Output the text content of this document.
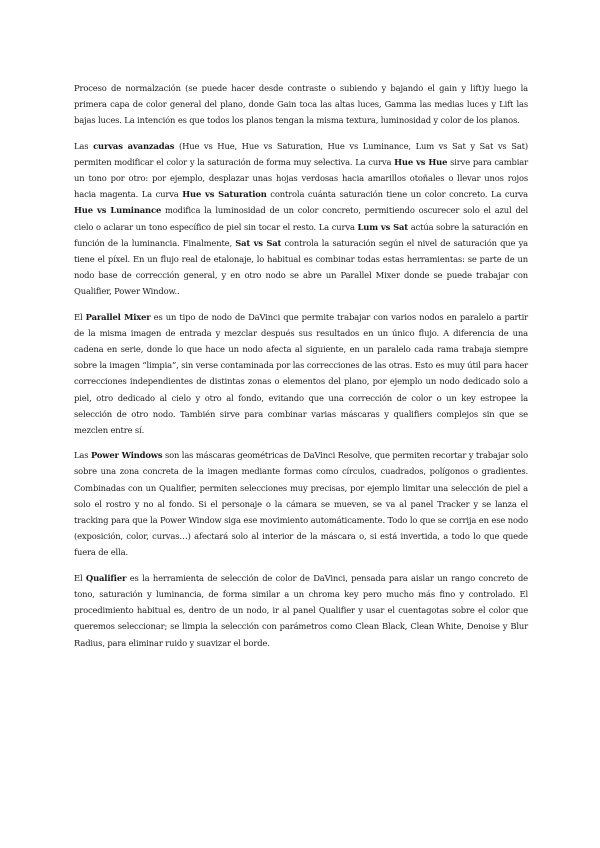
Proceso de normalzación (se puede hacer desde contraste o subiendo y bajando el gain y lift)y luego la primera capa de color general del plano, donde Gain toca las altas luces, Gamma las medias luces y Lift las bajas luces. La intención es que todos los planos tengan la misma textura, luminosidad y color de los planos.

Las curvas avanzadas (Hue vs Hue, Hue vs Saturation, Hue vs Luminance, Lum vs Sat y Sat vs Sat) permiten modificar el color y la saturación de forma muy selectiva. La curva Hue vs Hue sirve para cambiar un tono por otro: por ejemplo, desplazar unas hojas verdosas hacia amarillos otoñales o llevar unos rojos hacia magenta. La curva Hue vs Saturation controla cuánta saturación tiene un color concreto. La curva Hue vs Luminance modifica la luminosidad de un color concreto, permitiendo oscurecer solo el azul del cielo o aclarar un tono específico de piel sin tocar el resto. La curva Lum vs Sat actúa sobre la saturación en función de la luminancia. Finalmente, Sat vs Sat controla la saturación según el nivel de saturación que ya tiene el píxel. En un flujo real de etalonaje, lo habitual es combinar todas estas herramientas: se parte de un nodo base de corrección general, y en otro nodo se abre un Parallel Mixer donde se puede trabajar con Qualifier, Power Window..

El Parallel Mixer es un tipo de nodo de DaVinci que permite trabajar con varios nodos en paralelo a partir de la misma imagen de entrada y mezclar después sus resultados en un único flujo. A diferencia de una cadena en serie, donde lo que hace un nodo afecta al siguiente, en un paralelo cada rama trabaja siempre sobre la imagen “limpia”, sin verse contaminada por las correcciones de las otras. Esto es muy útil para hacer correcciones independientes de distintas zonas o elementos del plano, por ejemplo un nodo dedicado solo a piel, otro dedicado al cielo y otro al fondo, evitando que una corrección de color o un key estropee la selección de otro nodo. También sirve para combinar varias máscaras y qualifiers complejos sin que se mezclen entre sí.

Las Power Windows son las máscaras geométricas de DaVinci Resolve, que permiten recortar y trabajar solo sobre una zona concreta de la imagen mediante formas como círculos, cuadrados, polígonos o gradientes. Combinadas con un Qualifier, permiten selecciones muy precisas, por ejemplo limitar una selección de piel a solo el rostro y no al fondo. Si el personaje o la cámara se mueven, se va al panel Tracker y se lanza el tracking para que la Power Window siga ese movimiento automáticamente. Todo lo que se corrija en ese nodo (exposición, color, curvas…) afectará solo al interior de la máscara o, si está invertida, a todo lo que quede fuera de ella.

El Qualifier es la herramienta de selección de color de DaVinci, pensada para aislar un rango concreto de tono, saturación y luminancia, de forma similar a un chroma key pero mucho más fino y controlado. El procedimiento habitual es, dentro de un nodo, ir al panel Qualifier y usar el cuentagotas sobre el color que queremos seleccionar; se limpia la selección con parámetros como Clean Black, Clean White, Denoise y Blur Radius, para eliminar ruido y suavizar el borde.
